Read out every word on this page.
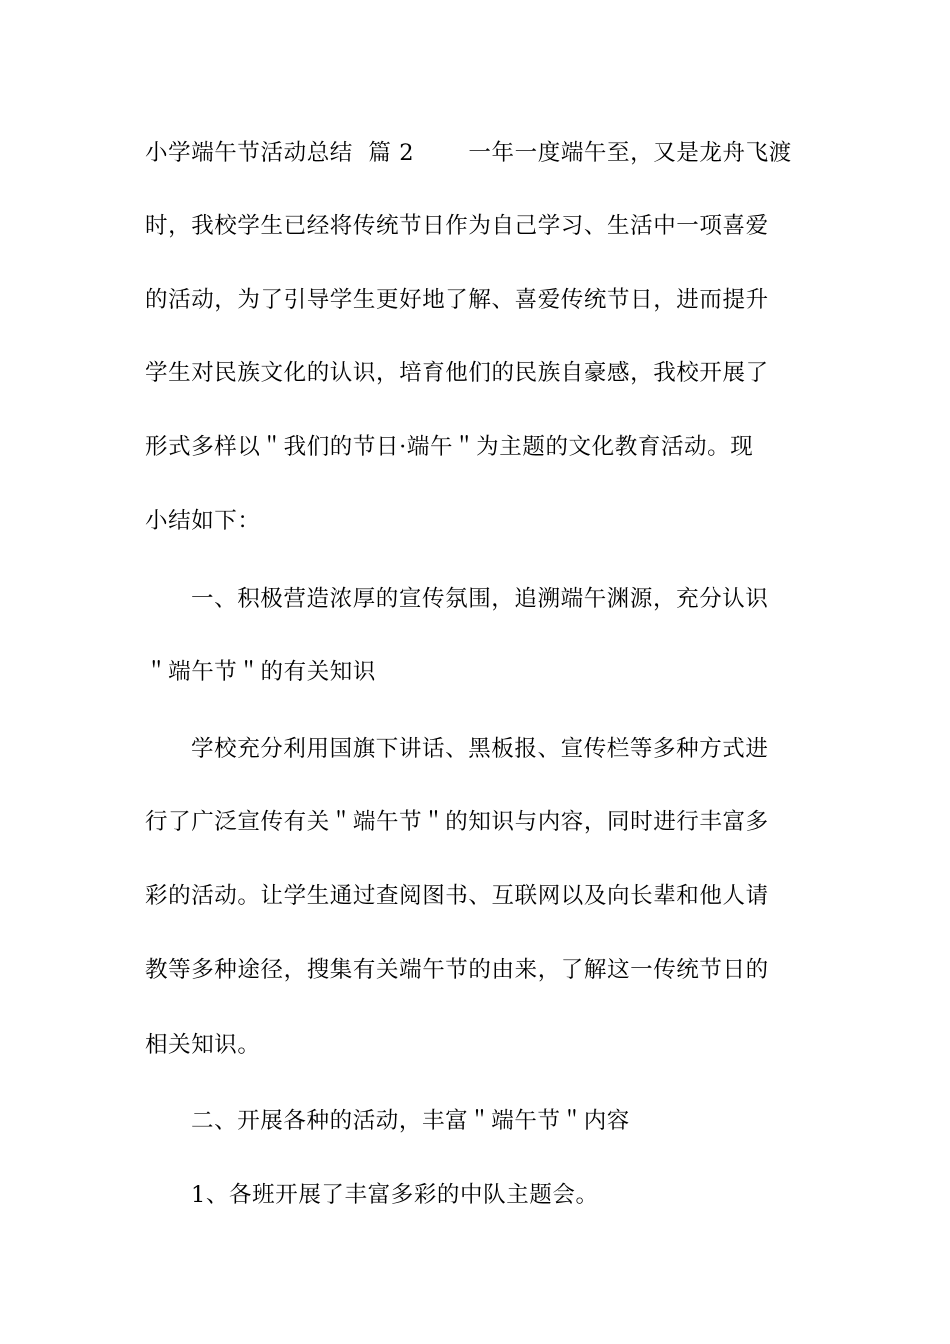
小学端午节活动总结  篇 2       一年一度端午至，又是龙舟飞渡
时，我校学生已经将传统节日作为自己学习、生活中一项喜爱
的活动，为了引导学生更好地了解、喜爱传统节日，进而提升
学生对民族文化的认识，培育他们的民族自豪感，我校开展了
形式多样以＂我们的节日·端午＂为主题的文化教育活动。现
小结如下：
一、积极营造浓厚的宣传氛围，追溯端午渊源，充分认识
＂端午节＂的有关知识
学校充分利用国旗下讲话、黑板报、宣传栏等多种方式进
行了广泛宣传有关＂端午节＂的知识与内容，同时进行丰富多
彩的活动。让学生通过查阅图书、互联网以及向长辈和他人请
教等多种途径，搜集有关端午节的由来，了解这一传统节日的
相关知识。
二、开展各种的活动，丰富＂端午节＂内容
1、各班开展了丰富多彩的中队主题会。
